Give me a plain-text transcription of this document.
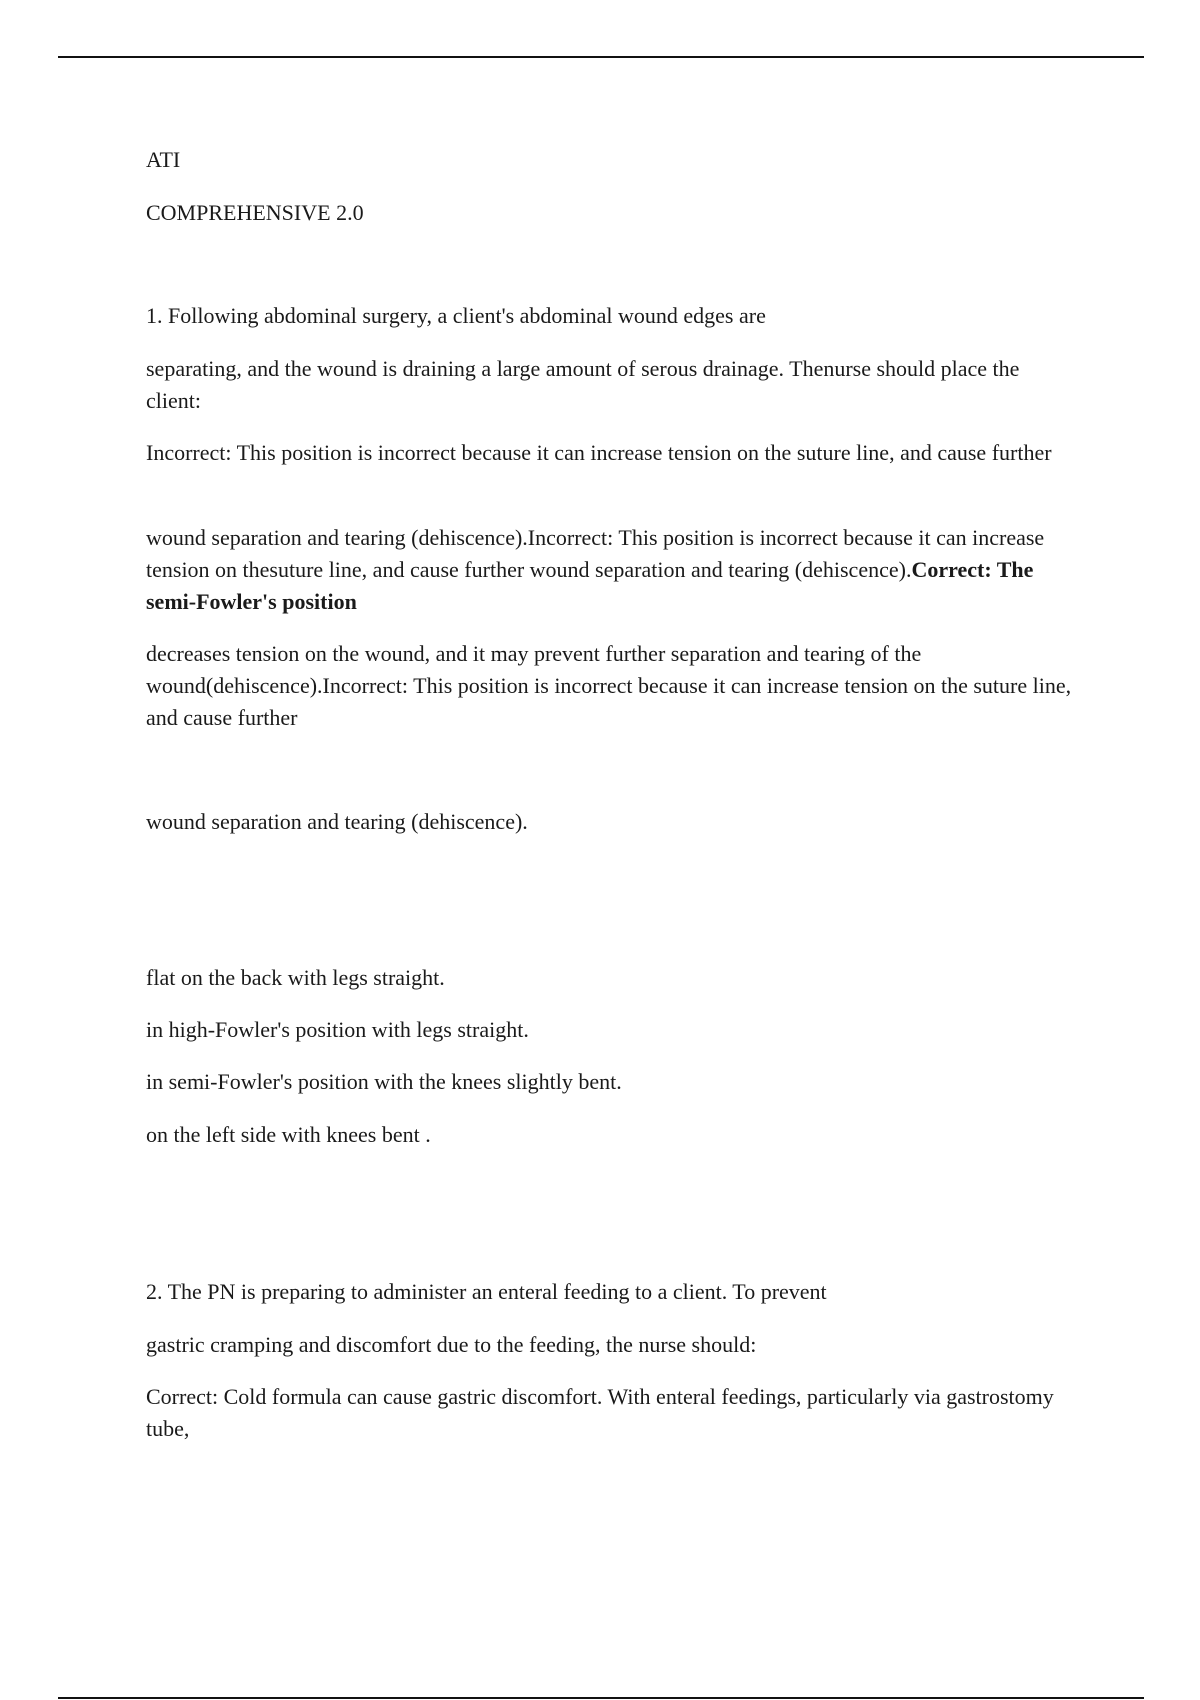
ATI

COMPREHENSIVE 2.0

1. Following abdominal surgery, a client's abdominal wound edges are

separating, and the wound is draining a large amount of serous drainage. Thenurse should place the client:

Incorrect: This position is incorrect because it can increase tension on the suture line, and cause further

wound separation and tearing (dehiscence).Incorrect: This position is incorrect because it can increase tension on thesuture line, and cause further wound separation and tearing (dehiscence).Correct: The semi-Fowler's position

decreases tension on the wound, and it may prevent further separation and tearing of the wound(dehiscence).Incorrect: This position is incorrect because it can increase tension on the suture line, and cause further

wound separation and tearing (dehiscence).

flat on the back with legs straight.

in high-Fowler's position with legs straight.

in semi-Fowler's position with the knees slightly bent.

on the left side with knees bent .

2. The PN is preparing to administer an enteral feeding to a client. To prevent

gastric cramping and discomfort due to the feeding, the nurse should:

Correct: Cold formula can cause gastric discomfort. With enteral feedings, particularly via gastrostomy tube,
